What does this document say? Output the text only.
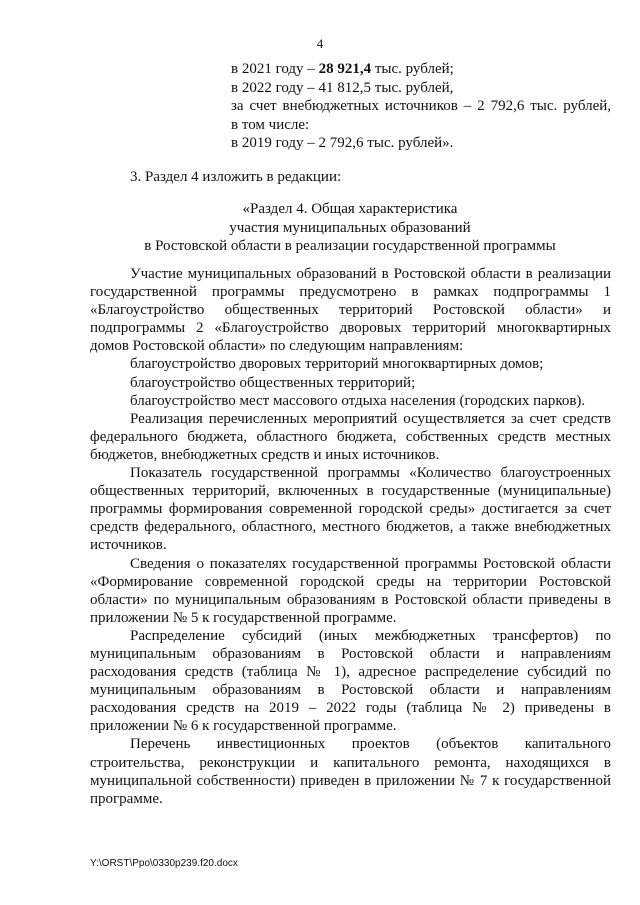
4
в 2021 году – 28 921,4 тыс. рублей;
в 2022 году – 41 812,5 тыс. рублей,
за счет внебюджетных источников – 2 792,6 тыс. рублей,
в том числе:
в 2019 году – 2 792,6 тыс. рублей».
3. Раздел 4 изложить в редакции:
«Раздел 4. Общая характеристика
участия муниципальных образований
в Ростовской области в реализации государственной программы

Участие муниципальных образований в Ростовской области в реализации государственной программы предусмотрено в рамках подпрограммы 1 «Благоустройство общественных территорий Ростовской области» и подпрограммы 2 «Благоустройство дворовых территорий многоквартирных домов Ростовской области» по следующим направлениям:

благоустройство дворовых территорий многоквартирных домов;

благоустройство общественных территорий;

благоустройство мест массового отдыха населения (городских парков).

Реализация перечисленных мероприятий осуществляется за счет средств федерального бюджета, областного бюджета, собственных средств местных бюджетов, внебюджетных средств и иных источников.

Показатель государственной программы «Количество благоустроенных общественных территорий, включенных в государственные (муниципальные) программы формирования современной городской среды» достигается за счет средств федерального, областного, местного бюджетов, а также внебюджетных источников.

Сведения о показателях государственной программы Ростовской области «Формирование современной городской среды на территории Ростовской области» по муниципальным образованиям в Ростовской области приведены в приложении № 5 к государственной программе.

Распределение субсидий (иных межбюджетных трансфертов) по муниципальным образованиям в Ростовской области и направлениям расходования средств (таблица № 1), адресное распределение субсидий по муниципальным образованиям в Ростовской области и направлениям расходования средств на 2019 – 2022 годы (таблица № 2) приведены в приложении № 6 к государственной программе.

Перечень инвестиционных проектов (объектов капитального строительства, реконструкции и капитального ремонта, находящихся в муниципальной собственности) приведен в приложении № 7 к государственной программе.

Y:\ORST\Ppo\0330p239.f20.docx
